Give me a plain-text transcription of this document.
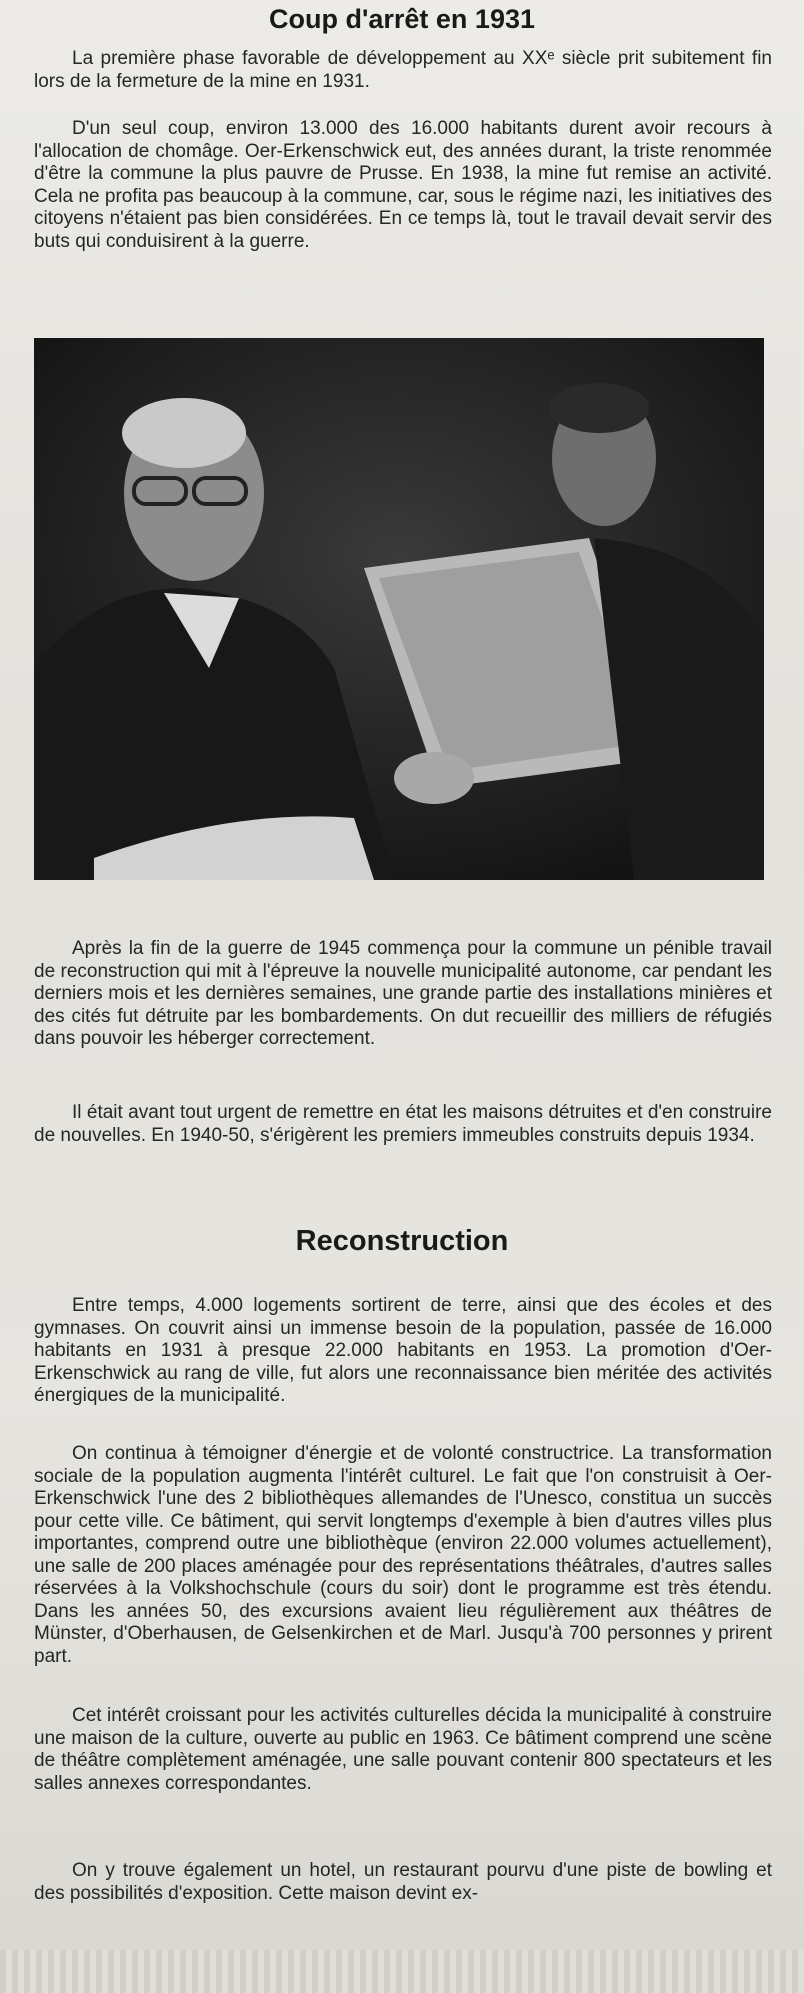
Coup d'arrêt en 1931

La première phase favorable de développement au XXᵉ siècle prit subitement fin lors de la fermeture de la mine en 1931.

D'un seul coup, environ 13.000 des 16.000 habitants durent avoir recours à l'allocation de chomâge. Oer-Erkenschwick eut, des années durant, la triste renommée d'être la commune la plus pauvre de Prusse. En 1938, la mine fut remise an activité. Cela ne profita pas beaucoup à la commune, car, sous le régime nazi, les initiatives des citoyens n'étaient pas bien considérées. En ce temps là, tout le travail devait servir des buts qui conduisirent à la guerre.

Après la fin de la guerre de 1945 commença pour la commune un pénible travail de reconstruction qui mit à l'épreuve la nouvelle municipalité autonome, car pendant les derniers mois et les dernières semaines, une grande partie des installations minières et des cités fut détruite par les bombardements. On dut recueillir des milliers de réfugiés dans pouvoir les héberger correctement.

Il était avant tout urgent de remettre en état les maisons détruites et d'en construire de nouvelles. En 1940-50, s'érigèrent les premiers immeubles construits depuis 1934.

Reconstruction

Entre temps, 4.000 logements sortirent de terre, ainsi que des écoles et des gymnases. On couvrit ainsi un immense besoin de la population, passée de 16.000 habitants en 1931 à presque 22.000 habitants en 1953. La promotion d'Oer-Erkenschwick au rang de ville, fut alors une reconnaissance bien méritée des activités énergiques de la municipalité.

On continua à témoigner d'énergie et de volonté constructrice. La transformation sociale de la population augmenta l'intérêt culturel. Le fait que l'on construisit à Oer-Erkenschwick l'une des 2 bibliothèques allemandes de l'Unesco, constitua un succès pour cette ville. Ce bâtiment, qui servit longtemps d'exemple à bien d'autres villes plus importantes, comprend outre une bibliothèque (environ 22.000 volumes actuellement), une salle de 200 places aménagée pour des représentations théâtrales, d'autres salles réservées à la Volkshochschule (cours du soir) dont le programme est très étendu. Dans les années 50, des excursions avaient lieu régulièrement aux théâtres de Münster, d'Oberhausen, de Gelsenkirchen et de Marl. Jusqu'à 700 personnes y prirent part.

Cet intérêt croissant pour les activités culturelles décida la municipalité à construire une maison de la culture, ouverte au public en 1963. Ce bâtiment comprend une scène de théâtre complètement aménagée, une salle pouvant contenir 800 spectateurs et les salles annexes correspondantes.

On y trouve également un hotel, un restaurant pourvu d'une piste de bowling et des possibilités d'exposition. Cette maison devint ex-
